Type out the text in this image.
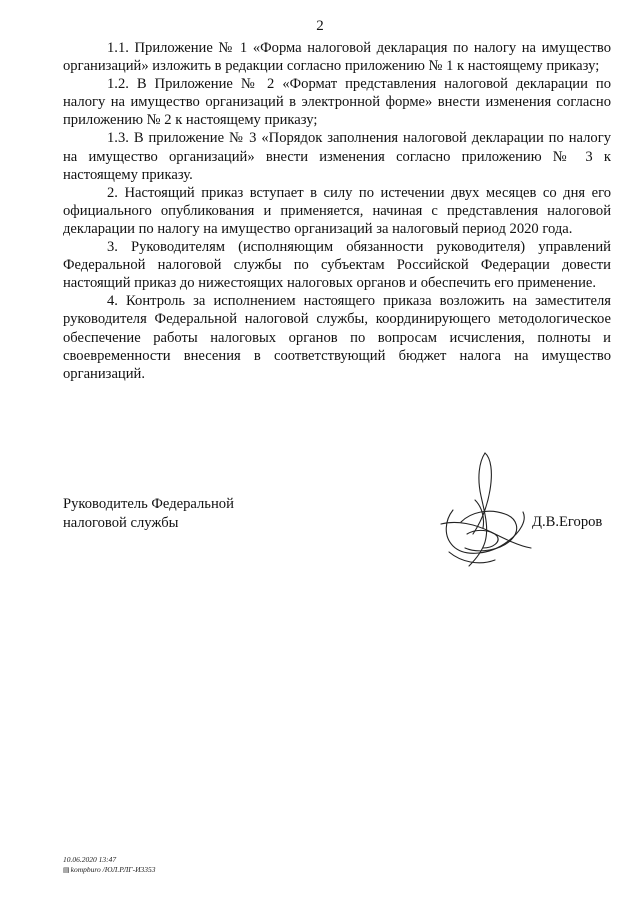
2

1.1. Приложение № 1 «Форма налоговой декларация по налогу на имущество организаций» изложить в редакции согласно приложению № 1 к настоящему приказу;

1.2. В Приложение № 2 «Формат представления налоговой декларации по налогу на имущество организаций в электронной форме» внести изменения согласно приложению № 2 к настоящему приказу;

1.3. В приложение № 3 «Порядок заполнения налоговой декларации по налогу на имущество организаций» внести изменения согласно приложению № 3 к настоящему приказу.

2. Настоящий приказ вступает в силу по истечении двух месяцев со дня его официального опубликования и применяется, начиная с представления налоговой декларации по налогу на имущество организаций за налоговый период 2020 года.

3. Руководителям (исполняющим обязанности руководителя) управлений Федеральной налоговой службы по субъектам Российской Федерации довести настоящий приказ до нижестоящих налоговых органов и обеспечить его применение.

4. Контроль за исполнением настоящего приказа возложить на заместителя руководителя Федеральной налоговой службы, координирующего методологическое обеспечение работы налоговых органов по вопросам исчисления, полноты и своевременности внесения в соответствующий бюджет налога на имущество организаций.

Руководитель Федеральной
налоговой службы	Д.В.Егоров
10.06.2020 13:47
▤kompburo /ЮЛ.РЛГ-И3353
